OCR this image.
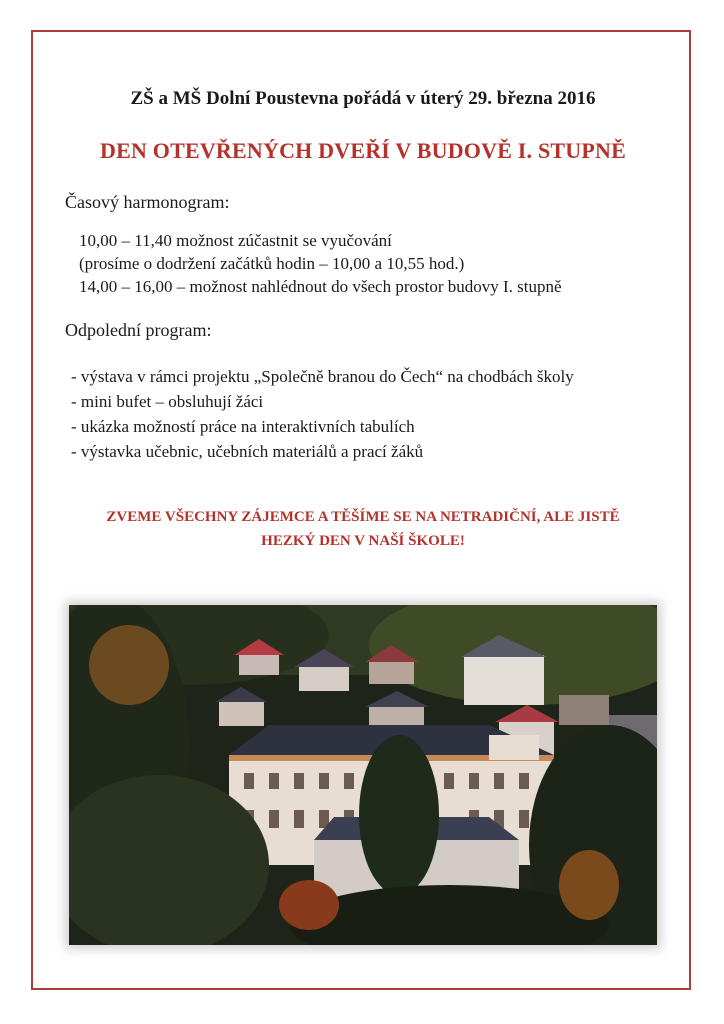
ZŠ a MŠ Dolní Poustevna pořádá v úterý 29. března 2016

DEN OTEVŘENÝCH DVEŘÍ V BUDOVĚ I. STUPNĚ

Časový harmonogram:

10,00 – 11,40 možnost zúčastnit se vyučování

(prosíme o dodržení začátků hodin – 10,00 a 10,55 hod.)

14,00 – 16,00 – možnost nahlédnout do všech prostor budovy I. stupně

Odpolední program:

- výstava v rámci projektu „Společně branou do Čech“ na chodbách školy

- mini bufet – obsluhují žáci

- ukázka možností práce na interaktivních tabulích

- výstavka učebnic, učebních materiálů a prací žáků

ZVEME VŠECHNY ZÁJEMCE A TĚŠÍME SE NA NETRADIČNÍ, ALE JISTĚ
HEZKÝ DEN V NAŠÍ ŠKOLE!
